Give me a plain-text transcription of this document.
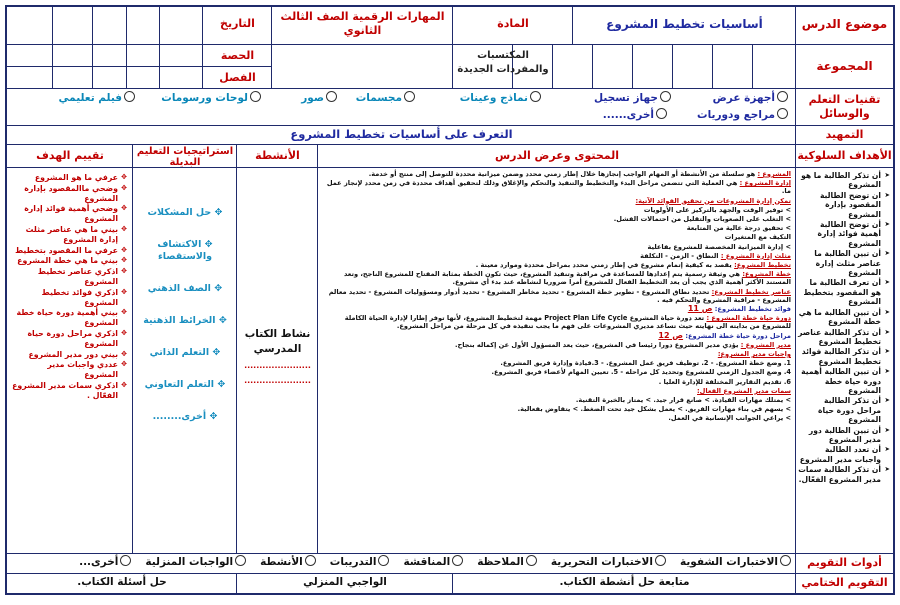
موضوع الدرس
أساسيات تخطيط المشروع
المادة
المهارات الرقمية الصف الثالث الثانوي
التاريخ
المجموعة
المكتسبات والمفردات الجديدة
الحصة
الفصل
تقنيات التعلم والوسائل
أجهزة عرض
جهاز تسجيل
نماذج وعينات
مجسمات
صور
لوحات ورسومات
فيلم تعليمي
مراجع ودوريات
أخرى......
التمهيد
التعرف على أساسيات تخطيط المشروع
الأهداف السلوكية
المحتوى وعرض الدرس
الأنشطة
استراتيجيات التعليم البديلة
تقييم الهدف
➤ أن تذكر الطالبة ما هو المشروع
➤ ان توضح الطالبة المقصود بإدارة المشروع
➤ أن توضح الطالبة أهمية فوائد إدارة المشروع
➤ أن تبين الطالبة ما عناصر مثلث إدارة المشروع
➤ أن تعرف الطالبة ما هو المقصود بتخطيط المشروع
➤ أن تبين الطالبة ما هي خطة المشروع
➤ أن تذكر الطالبة عناصر تخطيط المشروع
➤ أن تذكر الطالبة فوائد تخطيط المشروع
➤ أن تبين الطالبة أهمية دورة حياة خطة المشروع
➤ أن تذكر الطالبة مراحل دورة حياة المشروع
➤ أن تبين الطالبة دور مدير المشروع
➤ أن تعدد الطالبة واجبات مدير المشروع
➤ أن تذكر الطالبة سمات مدير المشروع الفعّال.

المشروع : هو سلسلة من الأنشطة أو المهام الواجب إنجازها خلال إطار زمني محدد وضمن ميزانية محددة للتوصل إلى منتج أو خدمة.

إدارة المشروع : هي العملية التي تتضمن مراحل البدء والتخطيط والتنفيذ والتحكم والإغلاق وذلك لتحقيق أهداف محددة في زمن محدد لإنجاز عمل ما.

تمكن إدارة المشروعات من تحقيق الفوائد الآتية:

> توفير الوقت والجهد بالتركيز على الأولويات

> التغلب على الصعوبات والتقليل من احتمالات الفشل.

> تحقيق درجة عالية من المتابعة

التكيف مع المتغيرات

> إدارة الميزانية المخصصة للمشروع بفاعلية

مثلث إدارة المشروع : النطاق - الزمن - التكلفة

تخطيط المشروع: يقصد به كيفية إتمام مشروع في إطار زمني محدد بمراحل محددة وموارد معينة .

خطة المشروع: هي وثيقة رسمية يتم إعدادها للمساعدة في مراقبة وتنفيذ المشروع، حيث تكون الخطة بمثابة المفتاح للمشروع الناجح، وتعد المستند الأكثر أهمية الذي يجب أن يعد التخطيط الفعال للمشروع أمرا ضروريا لنشاطه عند بدء أي مشروع.

عناصر تخطيط المشروع: تحديد نطاق المشروع - تطوير خطة المشروع - تحديد مخاطر المشروع - تحديد أدوار ومسؤوليات المشروع - تحديد معالم المشروع - مراقبة المشروع والتحكم فيه .

فوائد تخطيط المشروع: ص 11

دورة حياة خطة المشروع : تعد دورة حياة المشروع Project Plan Life Cycle مهمة لتخطيط المشروع، لأنها توفر إطارا لإدارة الحياة الكاملة للمشروع من بدايته الى نهايته حيث تساعد مديري المشروعات على فهم ما يجب تنفيذه في كل مرحلة من مراحل المشروع.

مراحل دورة حياة خطة المشروع: ص 12

مدير المشروع : يؤدي مدير المشروع دورا رئيسا في المشروع، حيث يعد المسؤول الأول عن إكماله بنجاح.

واجبات مدير المشروع:

1. وضع خطة المشروع. - 2. توظيف فريق عمل المشروع. - 3.قيادة وإدارة فريق المشروع.

4. وضع الجدول الزمني للمشروع وتحديد كل مراحله - 5. تعيين المهام لأعضاء فريق المشروع.

6. تقديم التقارير المختلفة للإدارة العليا .

سمات مدير المشروع الفعال:

> يمتلك مهارات القيادة. > صانع قرار جيد. > يمتاز بالخبرة التقنية.

> يسهم في بناء مهارات الفريق. > يعمل بشكل جيد تحت الضغط. > يتفاوض بفعالية.

> يراعي الجوانب الإنسانية في العمل.

نشاط الكتاب المدرسي
......................
......................
✥ حل المشكلات
✥ الاكتشاف والاستقصاء
✥ الصف الذهني
✥ الخرائط الذهنية
✥ التعلم الذاتي
✥ التعلم التعاوني
✥ أخرى........
✥ عرفي ما هو المشروع
✥ وضحي ماالمقصود بإدارة المشروع
✥ وضحي أهمية فوائد إدارة المشروع
✥ بيني ما هي عناصر مثلث إدارة المشروع
✥ عرفي ما المقصود بتخطيط
✥ بيني ما هي خطة المشروع
✥ اذكري عناصر تخطيط المشروع
✥ اذكري فوائد تخطيط المشروع
✥ بيني أهمية دورة حياة خطة المشروع
✥ اذكري مراحل دورة حياة المشروع
✥ بيني دور مدير المشروع
✥ عددي واجبات مدير المشروع
✥ اذكري سمات مدير المشروع الفعّال .
أدوات التقويم
الاختبارات الشفويةالاختبارات التحريريةالملاحظةالمناقشةالتدريباتالأنشطةالواجبات المنزليةأخرى...
التقويم الختامي
متابعة حل أنشطة الكتاب.
الواجبي المنزلي
حل أسئلة الكتاب.
